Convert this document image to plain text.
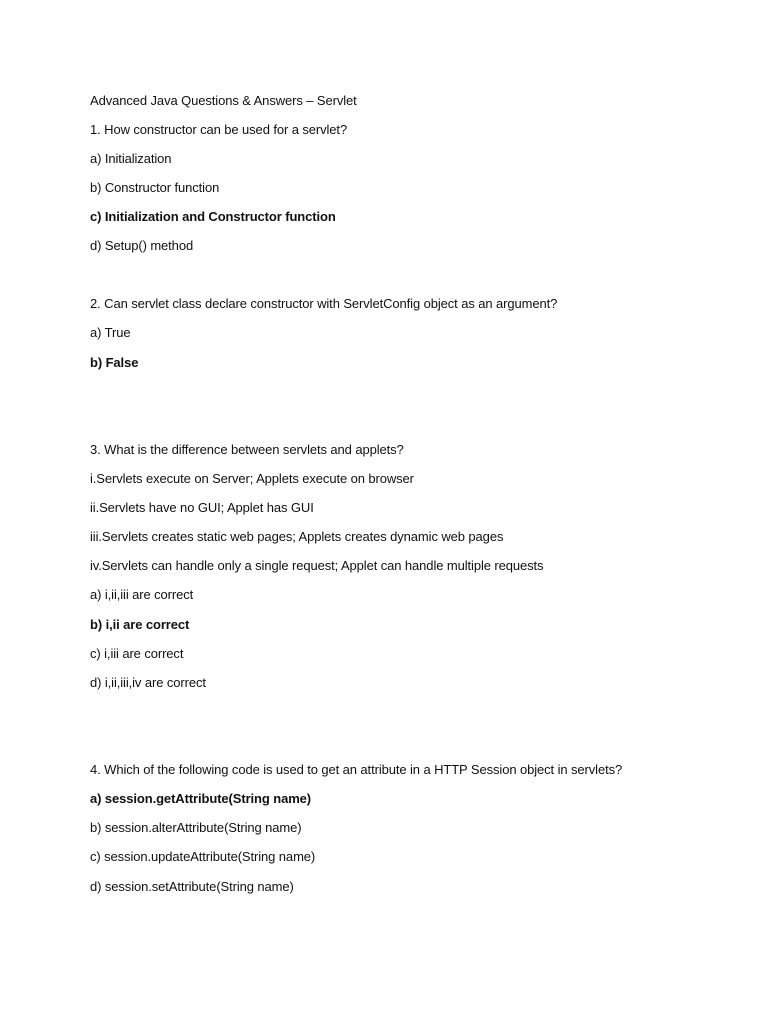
Advanced Java Questions & Answers – Servlet
1. How constructor can be used for a servlet?
a) Initialization
b) Constructor function
c) Initialization and Constructor function
d) Setup() method
2. Can servlet class declare constructor with ServletConfig object as an argument?
a) True
b) False
3. What is the difference between servlets and applets?
i.Servlets execute on Server; Applets execute on browser
ii.Servlets have no GUI; Applet has GUI
iii.Servlets creates static web pages; Applets creates dynamic web pages
iv.Servlets can handle only a single request; Applet can handle multiple requests
a) i,ii,iii are correct
b) i,ii are correct
c) i,iii are correct
d) i,ii,iii,iv are correct
4. Which of the following code is used to get an attribute in a HTTP Session object in servlets?
a) session.getAttribute(String name)
b) session.alterAttribute(String name)
c) session.updateAttribute(String name)
d) session.setAttribute(String name)
